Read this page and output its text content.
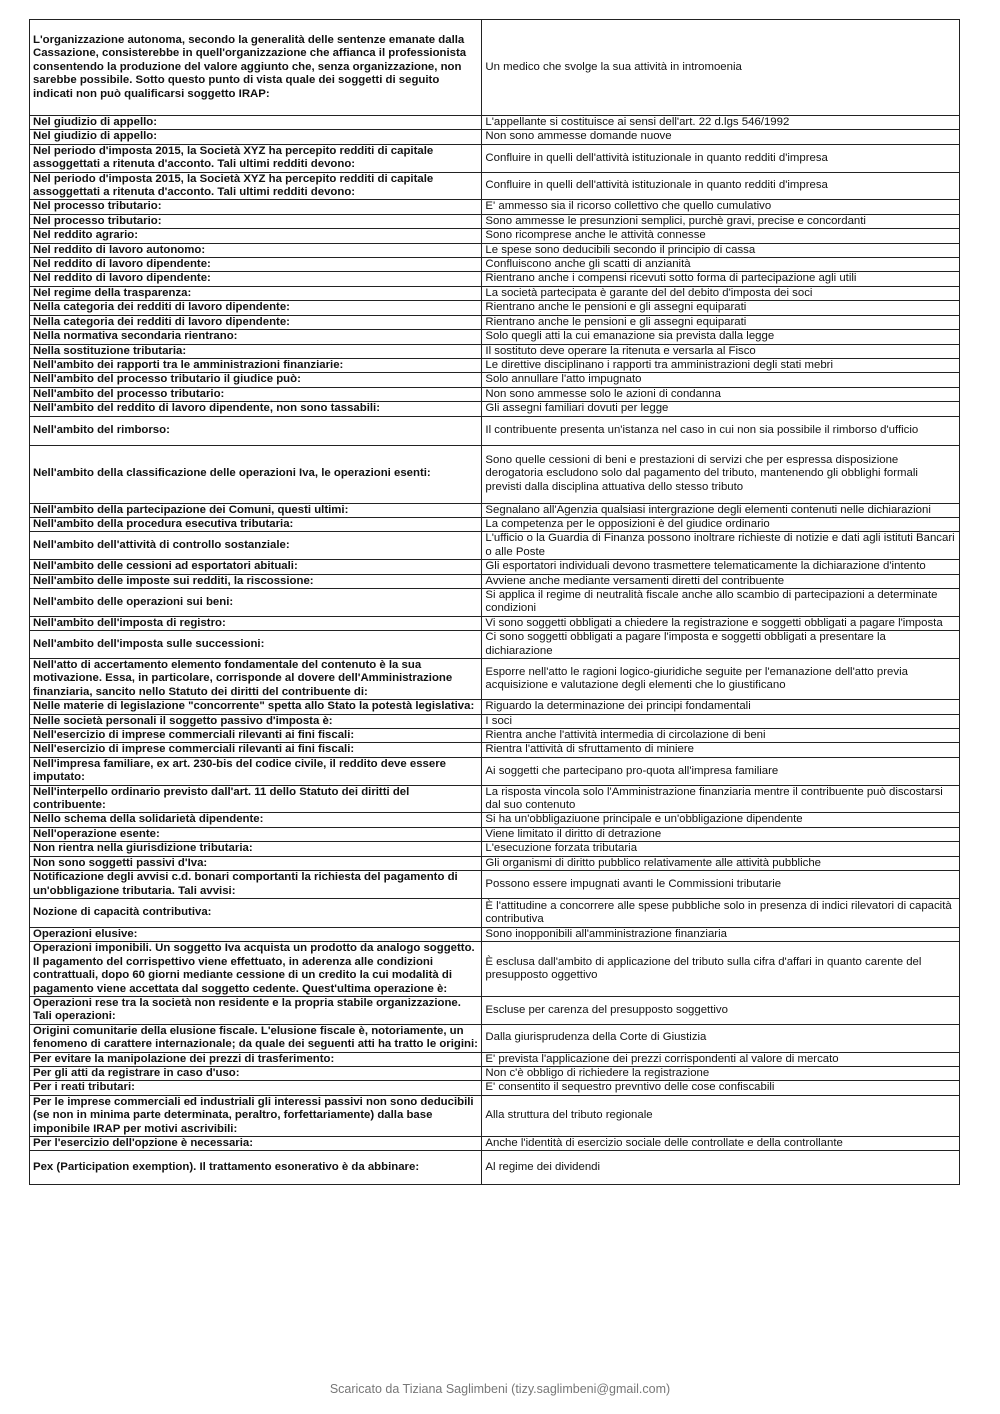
L'organizzazione autonoma, secondo la generalità delle sentenze emanate dalla Cassazione, consisterebbe in quell'organizzazione che affianca il professionista consentendo la produzione del valore aggiunto che, senza organizzazione, non sarebbe possibile. Sotto questo punto di vista quale dei soggetti di seguito indicati non può qualificarsi soggetto IRAP:	Un medico che svolge la sua attività in intromoenia
Nel giudizio di appello:	L'appellante si costituisce ai sensi dell'art. 22 d.lgs 546/1992
Nel giudizio di appello:	Non sono ammesse domande nuove
Nel periodo d'imposta 2015, la Società XYZ ha percepito redditi di capitale assoggettati a ritenuta d'acconto. Tali ultimi redditi devono:	Confluire in quelli dell'attività istituzionale in quanto redditi d'impresa
Nel periodo d'imposta 2015, la Società XYZ ha percepito redditi di capitale assoggettati a ritenuta d'acconto. Tali ultimi redditi devono:	Confluire in quelli dell'attività istituzionale in quanto redditi d'impresa
Nel processo tributario:	E' ammesso sia il ricorso collettivo che quello cumulativo
Nel processo tributario:	Sono ammesse le presunzioni semplici, purchè gravi, precise e concordanti
Nel reddito agrario:	Sono ricomprese anche le attività connesse
Nel reddito di lavoro autonomo:	Le spese sono deducibili secondo il principio di cassa
Nel reddito di lavoro dipendente:	Confluiscono anche gli scatti di anzianità
Nel reddito di lavoro dipendente:	Rientrano anche i compensi ricevuti sotto forma di partecipazione agli utili
Nel regime della trasparenza:	La società partecipata è garante del del debito d'imposta dei soci
Nella categoria dei redditi di lavoro dipendente:	Rientrano anche le pensioni e gli assegni equiparati
Nella categoria dei redditi di lavoro dipendente:	Rientrano anche le pensioni e gli assegni equiparati
Nella normativa secondaria rientrano:	Solo quegli atti la cui emanazione sia prevista dalla legge
Nella sostituzione tributaria:	Il sostituto deve operare la ritenuta e versarla al Fisco
Nell'ambito dei rapporti tra le amministrazioni finanziarie:	Le direttive disciplinano i rapporti tra amministrazioni degli stati mebri
Nell'ambito del processo tributario il giudice può:	Solo annullare l'atto impugnato
Nell'ambito del processo tributario:	Non sono ammesse solo le azioni di condanna
Nell'ambito del reddito di lavoro dipendente, non sono tassabili:	Gli assegni familiari dovuti per legge
Nell'ambito del rimborso:	Il contribuente presenta un'istanza nel caso in cui non sia possibile il rimborso d'ufficio
Nell'ambito della classificazione delle operazioni Iva, le operazioni esenti:	Sono quelle cessioni di beni e prestazioni di servizi che per espressa disposizione derogatoria escludono solo dal pagamento del tributo, mantenendo gli obblighi formali previsti dalla disciplina attuativa dello stesso tributo
Nell'ambito della partecipazione dei Comuni, questi ultimi:	Segnalano all'Agenzia qualsiasi intergrazione degli elementi contenuti nelle dichiarazioni
Nell'ambito della procedura esecutiva tributaria:	La competenza per le opposizioni è del giudice ordinario
Nell'ambito dell'attività di controllo sostanziale:	L'ufficio o la Guardia di Finanza possono inoltrare richieste di notizie e dati agli istituti Bancari o alle Poste
Nell'ambito delle cessioni ad esportatori abituali:	Gli esportatori individuali devono trasmettere telematicamente la dichiarazione d'intento
Nell'ambito delle imposte sui redditi, la riscossione:	Avviene anche mediante versamenti diretti del contribuente
Nell'ambito delle operazioni sui beni:	Si applica il regime di neutralità fiscale anche allo scambio di partecipazioni a determinate condizioni
Nell'ambito dell'imposta di registro:	Vi sono soggetti obbligati a chiedere la registrazione e soggetti obbligati a pagare l'imposta
Nell'ambito dell'imposta sulle successioni:	Ci sono soggetti obbligati a pagare l'imposta e soggetti obbligati a presentare la dichiarazione
Nell'atto di accertamento elemento fondamentale del contenuto è la sua motivazione. Essa, in particolare, corrisponde al dovere dell'Amministrazione finanziaria, sancito nello Statuto dei diritti del contribuente di:	Esporre nell'atto le ragioni logico-giuridiche seguite per l'emanazione dell'atto previa acquisizione e valutazione degli elementi che lo giustificano
Nelle materie di legislazione "concorrente" spetta allo Stato la potestà legislativa:	Riguardo la determinazione dei principi fondamentali
Nelle società personali il soggetto passivo d'imposta è:	I soci
Nell'esercizio di imprese commerciali rilevanti ai fini fiscali:	Rientra anche l'attività intermedia di circolazione di beni
Nell'esercizio di imprese commerciali rilevanti ai fini fiscali:	Rientra l'attività di sfruttamento di miniere
Nell'impresa familiare, ex art. 230-bis del codice civile, il reddito deve essere imputato:	Ai soggetti che partecipano pro-quota all'impresa familiare
Nell'interpello ordinario previsto dall'art. 11 dello Statuto dei diritti del contribuente:	La risposta vincola solo l'Amministrazione finanziaria mentre il contribuente può discostarsi dal suo contenuto
Nello schema della solidarietà dipendente:	Si ha un'obbligaziuone principale e un'obbligazione dipendente
Nell'operazione esente:	Viene limitato il diritto di detrazione
Non rientra nella giurisdizione tributaria:	L'esecuzione forzata tributaria
Non sono soggetti passivi d'Iva:	Gli organismi di diritto pubblico relativamente alle attività pubbliche
Notificazione degli avvisi c.d. bonari comportanti la richiesta del pagamento di un'obbligazione tributaria. Tali avvisi:	Possono essere impugnati avanti le Commissioni tributarie
Nozione di capacità contributiva:	È l'attitudine a concorrere alle spese pubbliche solo in presenza di indici rilevatori di capacità contributiva
Operazioni elusive:	Sono inopponibili all'amministrazione finanziaria
Operazioni imponibili. Un soggetto Iva acquista un prodotto da analogo soggetto. Il pagamento del corrispettivo viene effettuato, in aderenza alle condizioni contrattuali, dopo 60 giorni mediante cessione di un credito la cui modalità di pagamento viene accettata dal soggetto cedente. Quest'ultima operazione è:	È esclusa dall'ambito di applicazione del tributo sulla cifra d'affari in quanto carente del presupposto oggettivo
Operazioni rese tra la società non residente e la propria stabile organizzazione. Tali operazioni:	Escluse per carenza del presupposto soggettivo
Origini comunitarie della elusione fiscale. L'elusione fiscale è, notoriamente, un fenomeno di carattere internazionale; da quale dei seguenti atti ha tratto le origini:	Dalla giurisprudenza della Corte di Giustizia
Per evitare la manipolazione dei prezzi di trasferimento:	E' prevista l'applicazione dei prezzi corrispondenti al valore di mercato
Per gli atti da registrare in caso d'uso:	Non c'è obbligo di richiedere la registrazione
Per i reati tributari:	E' consentito il sequestro prevntivo delle cose confiscabili
Per le imprese commerciali ed industriali gli interessi passivi non sono deducibili (se non in minima parte determinata, peraltro, forfettariamente) dalla base imponibile IRAP per motivi ascrivibili:	Alla struttura del tributo regionale
Per l'esercizio dell'opzione è necessaria:	Anche l'identità di esercizio sociale delle controllate e della controllante
Pex (Participation exemption). Il trattamento esonerativo è da abbinare:	Al regime dei dividendi
Scaricato da Tiziana Saglimbeni (tizy.saglimbeni@gmail.com)
